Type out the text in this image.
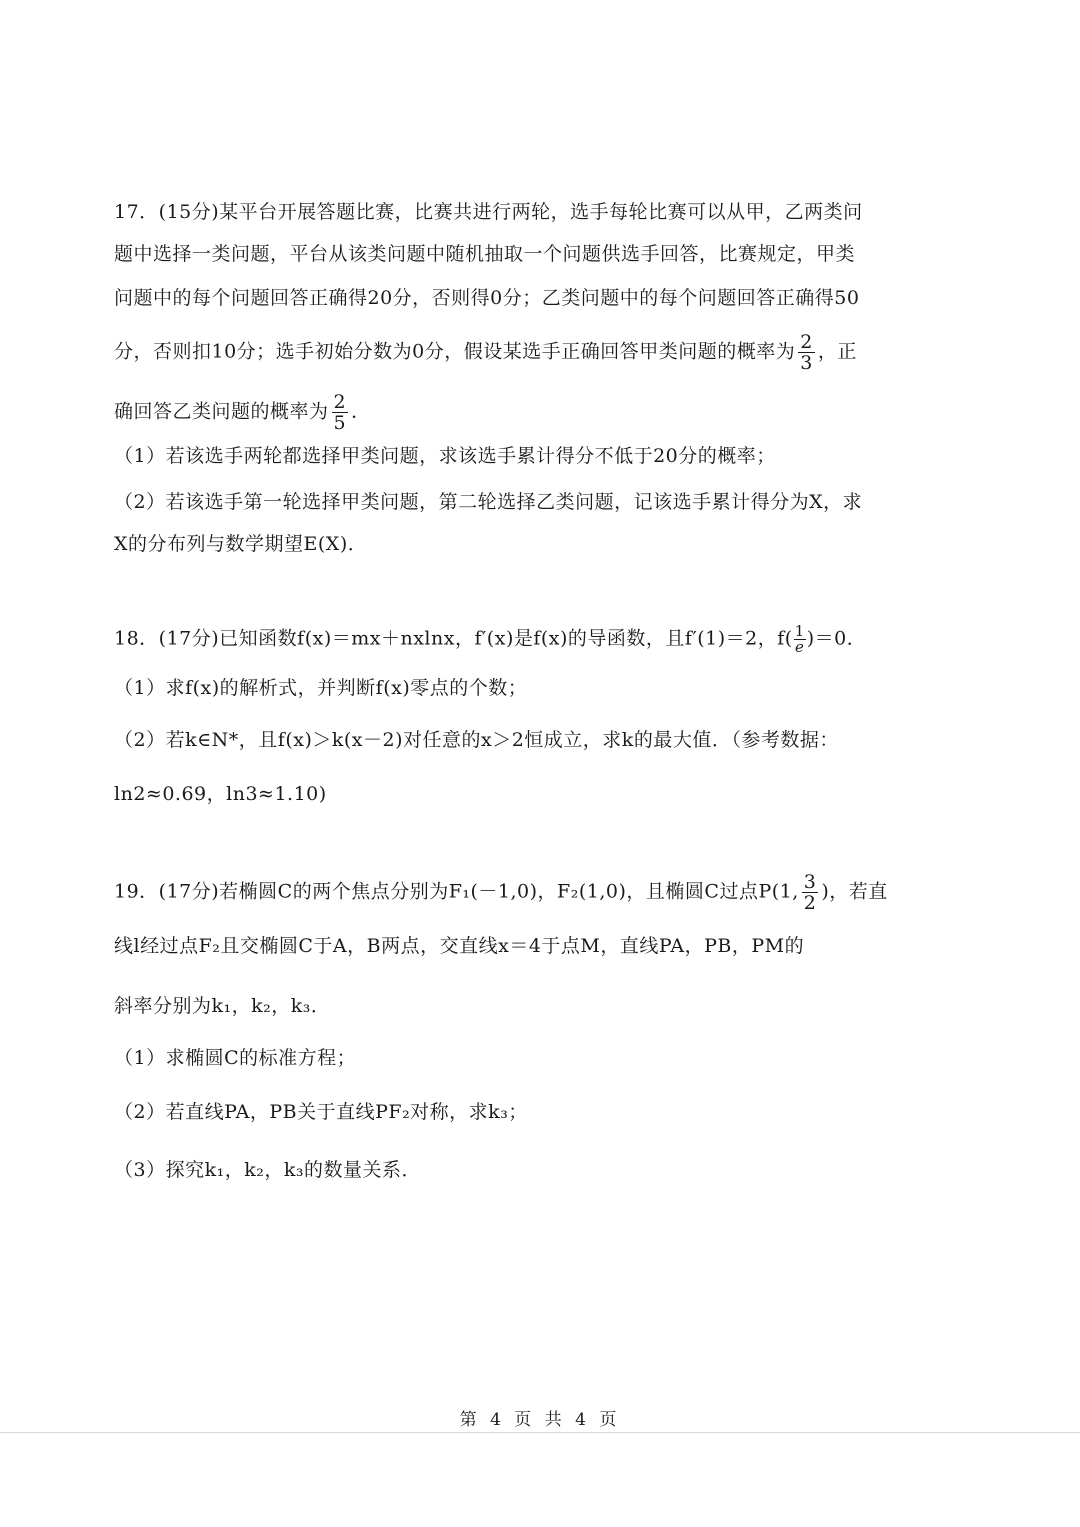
17．(15分)某平台开展答题比赛，比赛共进行两轮，选手每轮比赛可以从甲，乙两类问
题中选择一类问题，平台从该类问题中随机抽取一个问题供选手回答，比赛规定，甲类
问题中的每个问题回答正确得20分，否则得0分；乙类问题中的每个问题回答正确得50
分，否则扣10分；选手初始分数为0分，假设某选手正确回答甲类问题的概率为 $\frac{2}{3}$ ，正
确回答乙类问题的概率为 $\frac{2}{5}$ ．
（1）若该选手两轮都选择甲类问题，求该选手累计得分不低于20分的概率；
（2）若该选手第一轮选择甲类问题，第二轮选择乙类问题，记该选手累计得分为X，求
X的分布列与数学期望E(X)．
18．(17分)已知函数f(x)＝mx＋nxlnx，f′(x)是f(x)的导函数，且f′(1)＝2，$f( \frac{1}{e} )=0$．
（1）求f(x)的解析式，并判断f(x)零点的个数；
（2）若k∈N*，且f(x)＞k(x－2)对任意的x＞2恒成立，求k的最大值．（参考数据：
ln2≈0.69，ln3≈1.10)
19．(17分)若椭圆C的两个焦点分别为F₁(－1,0)，F₂(1,0)，且椭圆C过点P(1, $\frac{3}{2}$ )，若直
线l经过点F₂且交椭圆C于A，B两点，交直线x＝4于点M，直线PA，PB，PM的
斜率分别为k₁，k₂，k₃．
（1）求椭圆C的标准方程；
（2）若直线PA，PB关于直线PF₂对称，求k₃；
（3）探究k₁，k₂，k₃的数量关系．
第 4 页 共 4 页
